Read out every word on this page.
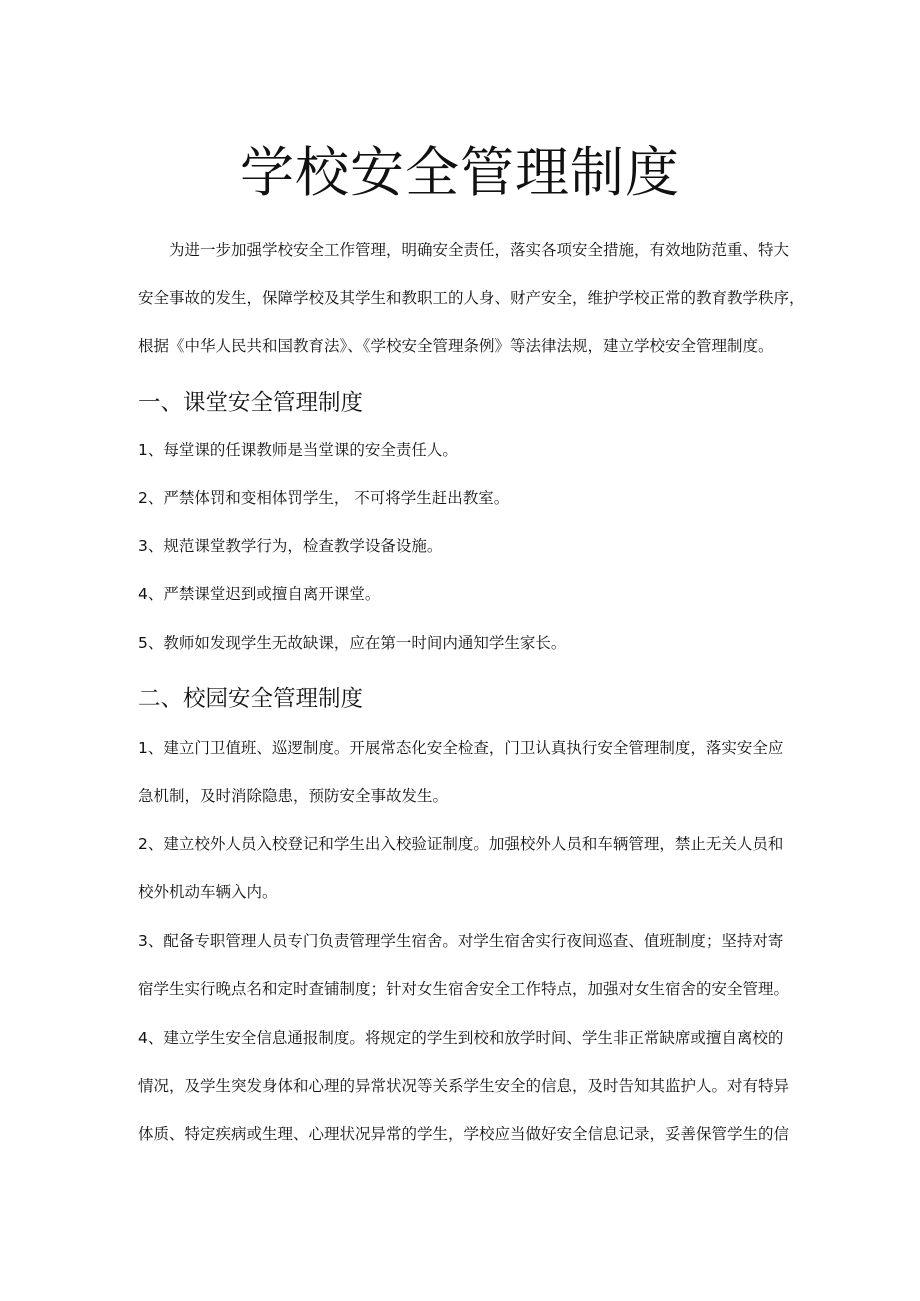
学校安全管理制度
为进一步加强学校安全工作管理，明确安全责任，落实各项安全措施，有效地防范重、特大
安全事故的发生，保障学校及其学生和教职工的人身、财产安全，维护学校正常的教育教学秩序，
根据《中华人民共和国教育法》、《学校安全管理条例》等法律法规，建立学校安全管理制度。
一、课堂安全管理制度

1、每堂课的任课教师是当堂课的安全责任人。

2、严禁体罚和变相体罚学生， 不可将学生赶出教室。

3、规范课堂教学行为，检查教学设备设施。

4、严禁课堂迟到或擅自离开课堂。

5、教师如发现学生无故缺课，应在第一时间内通知学生家长。

二、校园安全管理制度
1、建立门卫值班、巡逻制度。开展常态化安全检查，门卫认真执行安全管理制度，落实安全应
急机制，及时消除隐患，预防安全事故发生。
2、建立校外人员入校登记和学生出入校验证制度。加强校外人员和车辆管理，禁止无关人员和
校外机动车辆入内。
3、配备专职管理人员专门负责管理学生宿舍。对学生宿舍实行夜间巡查、值班制度；坚持对寄
宿学生实行晚点名和定时查铺制度；针对女生宿舍安全工作特点，加强对女生宿舍的安全管理。
4、建立学生安全信息通报制度。将规定的学生到校和放学时间、学生非正常缺席或擅自离校的
情况，及学生突发身体和心理的异常状况等关系学生安全的信息，及时告知其监护人。对有特异
体质、特定疾病或生理、心理状况异常的学生，学校应当做好安全信息记录，妥善保管学生的信
